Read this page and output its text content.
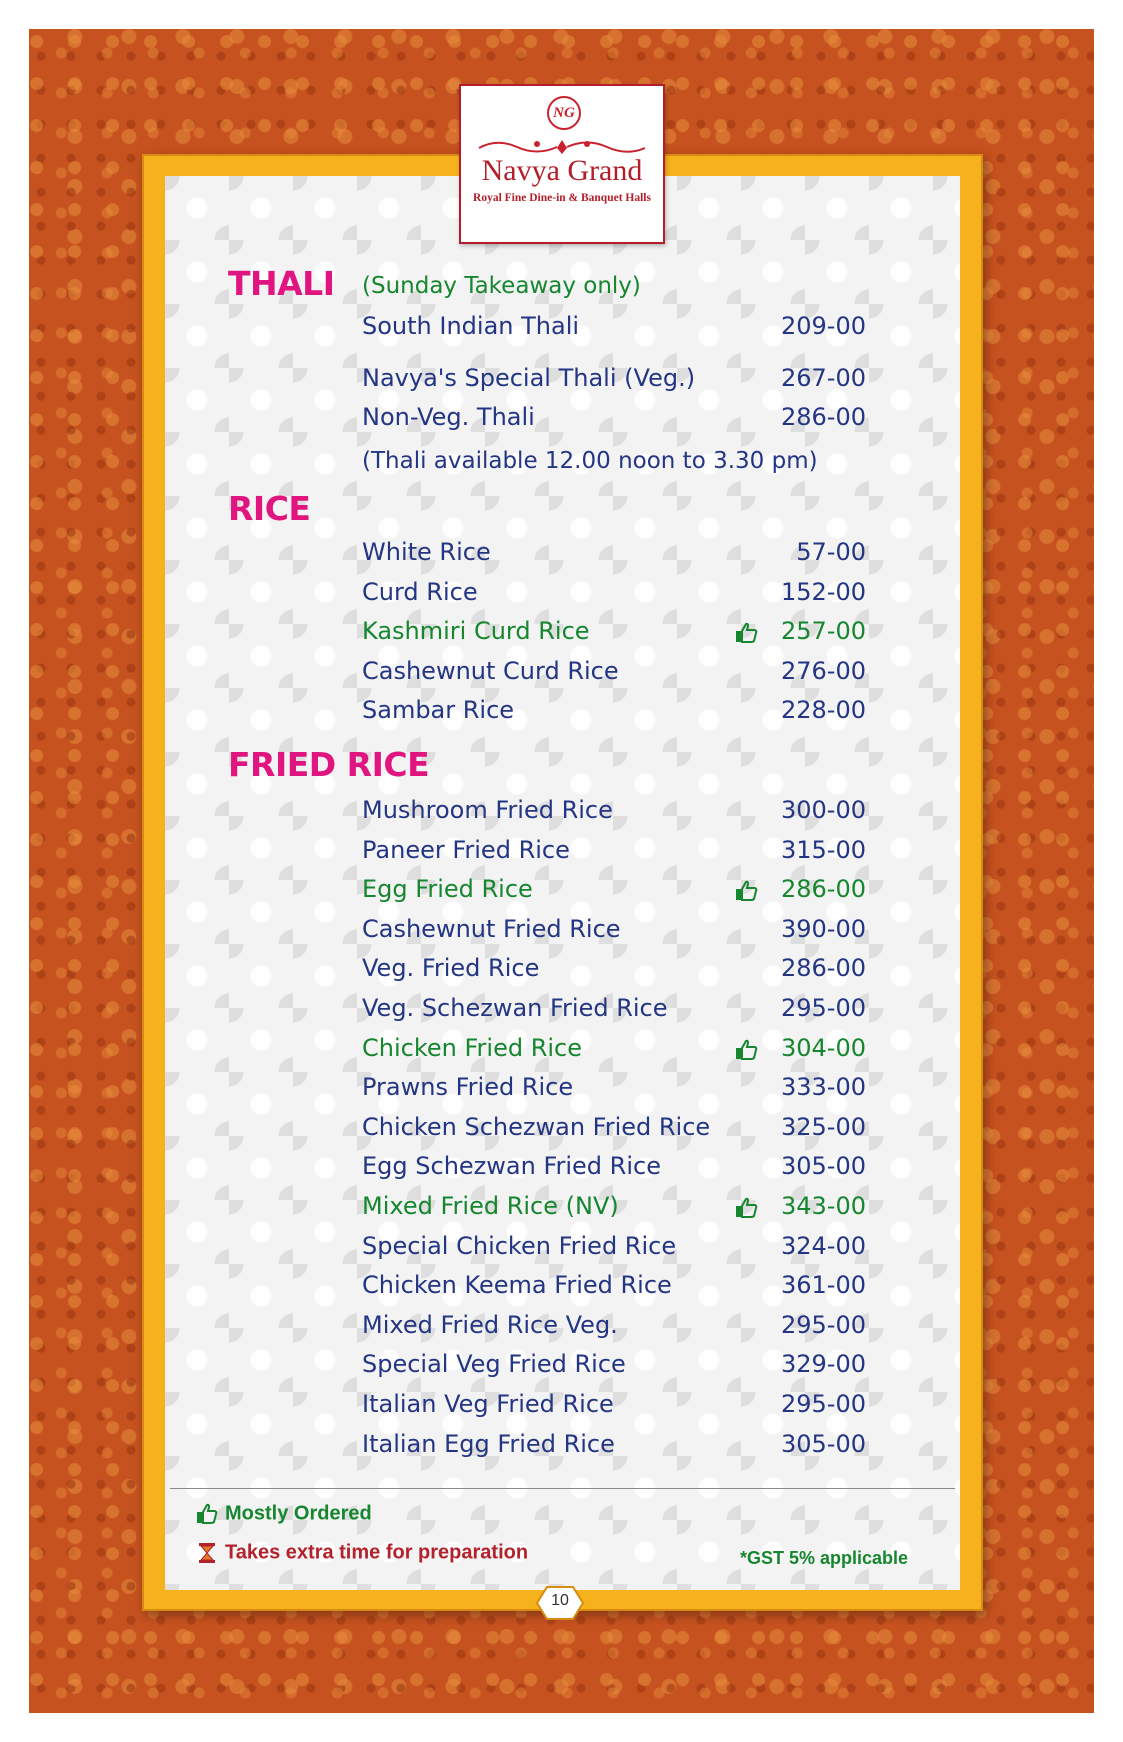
NG
Navya Grand
Royal Fine Dine-in & Banquet Halls
THALI (Sunday Takeaway only)
South Indian Thali	209-00
Navya's Special Thali (Veg.)	267-00
Non-Veg. Thali	286-00
(Thali available 12.00 noon to 3.30 pm)
RICE
White Rice	57-00
Curd Rice	152-00
Kashmiri Curd Rice	257-00
Cashewnut Curd Rice	276-00
Sambar Rice	228-00
FRIED RICE
Mushroom Fried Rice	300-00
Paneer Fried Rice	315-00
Egg Fried Rice	286-00
Cashewnut Fried Rice	390-00
Veg. Fried Rice	286-00
Veg. Schezwan Fried Rice	295-00
Chicken Fried Rice	304-00
Prawns Fried Rice	333-00
Chicken Schezwan Fried Rice	325-00
Egg Schezwan Fried Rice	305-00
Mixed Fried Rice (NV)	343-00
Special Chicken Fried Rice	324-00
Chicken Keema Fried Rice	361-00
Mixed Fried Rice Veg.	295-00
Special Veg Fried Rice	329-00
Italian Veg Fried Rice	295-00
Italian Egg Fried Rice	305-00
Mostly Ordered
Takes extra time for preparation	*GST 5% applicable
10
